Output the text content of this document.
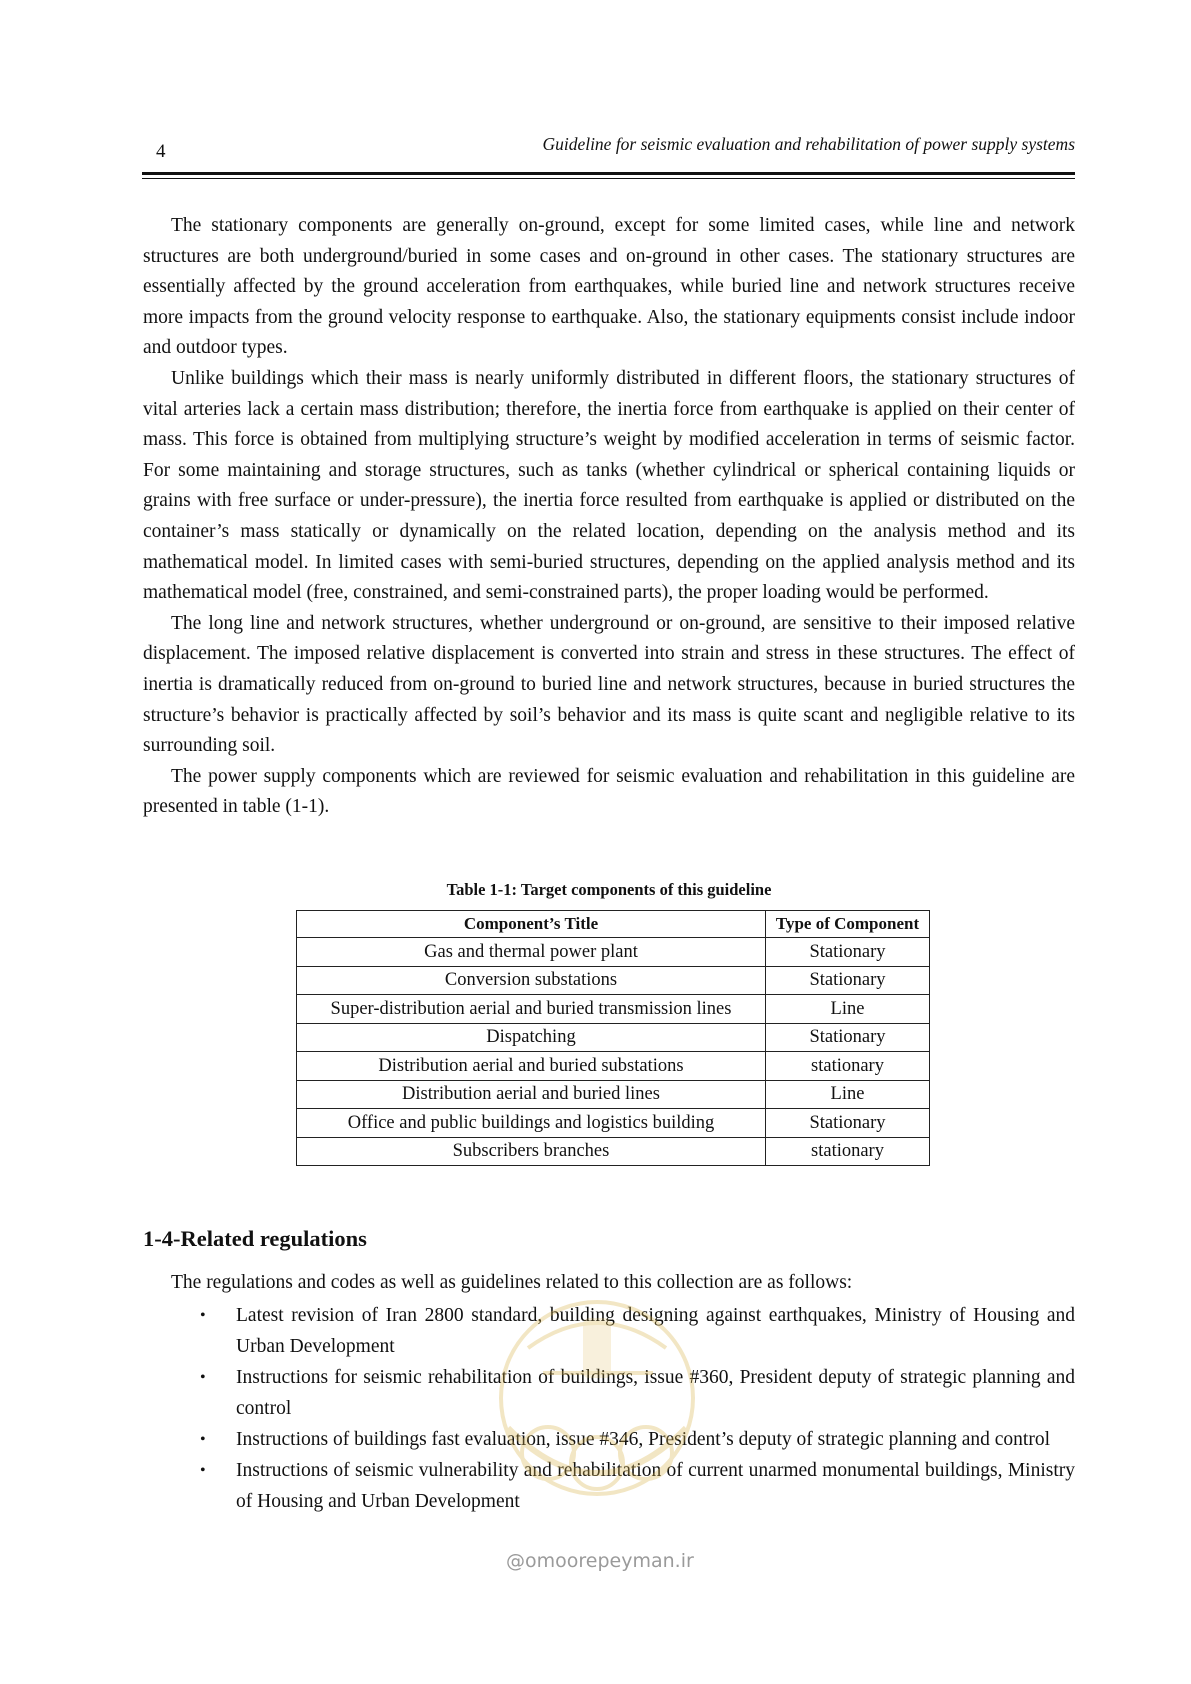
4	Guideline for seismic evaluation and rehabilitation of power supply systems

The stationary components are generally on-ground, except for some limited cases, while line and network structures are both underground/buried in some cases and on-ground in other cases. The stationary structures are essentially affected by the ground acceleration from earthquakes, while buried line and network structures receive more impacts from the ground velocity response to earthquake. Also, the stationary equipments consist include indoor and outdoor types.

Unlike buildings which their mass is nearly uniformly distributed in different floors, the stationary structures of vital arteries lack a certain mass distribution; therefore, the inertia force from earthquake is applied on their center of mass. This force is obtained from multiplying structure’s weight by modified acceleration in terms of seismic factor. For some maintaining and storage structures, such as tanks (whether cylindrical or spherical containing liquids or grains with free surface or under-pressure), the inertia force resulted from earthquake is applied or distributed on the container’s mass statically or dynamically on the related location, depending on the analysis method and its mathematical model. In limited cases with semi-buried structures, depending on the applied analysis method and its mathematical model (free, constrained, and semi-constrained parts), the proper loading would be performed.

The long line and network structures, whether underground or on-ground, are sensitive to their imposed relative displacement. The imposed relative displacement is converted into strain and stress in these structures. The effect of inertia is dramatically reduced from on-ground to buried line and network structures, because in buried structures the structure’s behavior is practically affected by soil’s behavior and its mass is quite scant and negligible relative to its surrounding soil.

The power supply components which are reviewed for seismic evaluation and rehabilitation in this guideline are presented in table (1-1).

Table 1-1: Target components of this guideline
Component’s Title	Type of Component
Gas and thermal power plant	Stationary
Conversion substations	Stationary
Super-distribution aerial and buried transmission lines	Line
Dispatching	Stationary
Distribution aerial and buried substations	stationary
Distribution aerial and buried lines	Line
Office and public buildings and logistics building	Stationary
Subscribers branches	stationary
1-4-Related regulations
The regulations and codes as well as guidelines related to this collection are as follows:
• Latest revision of Iran 2800 standard, building designing against earthquakes, Ministry of Housing and Urban Development
• Instructions for seismic rehabilitation of buildings, issue #360, President deputy of strategic planning and control
• Instructions of buildings fast evaluation, issue #346, President’s deputy of strategic planning and control
• Instructions of seismic vulnerability and rehabilitation of current unarmed monumental buildings, Ministry of Housing and Urban Development
@omoorepeyman.ir
